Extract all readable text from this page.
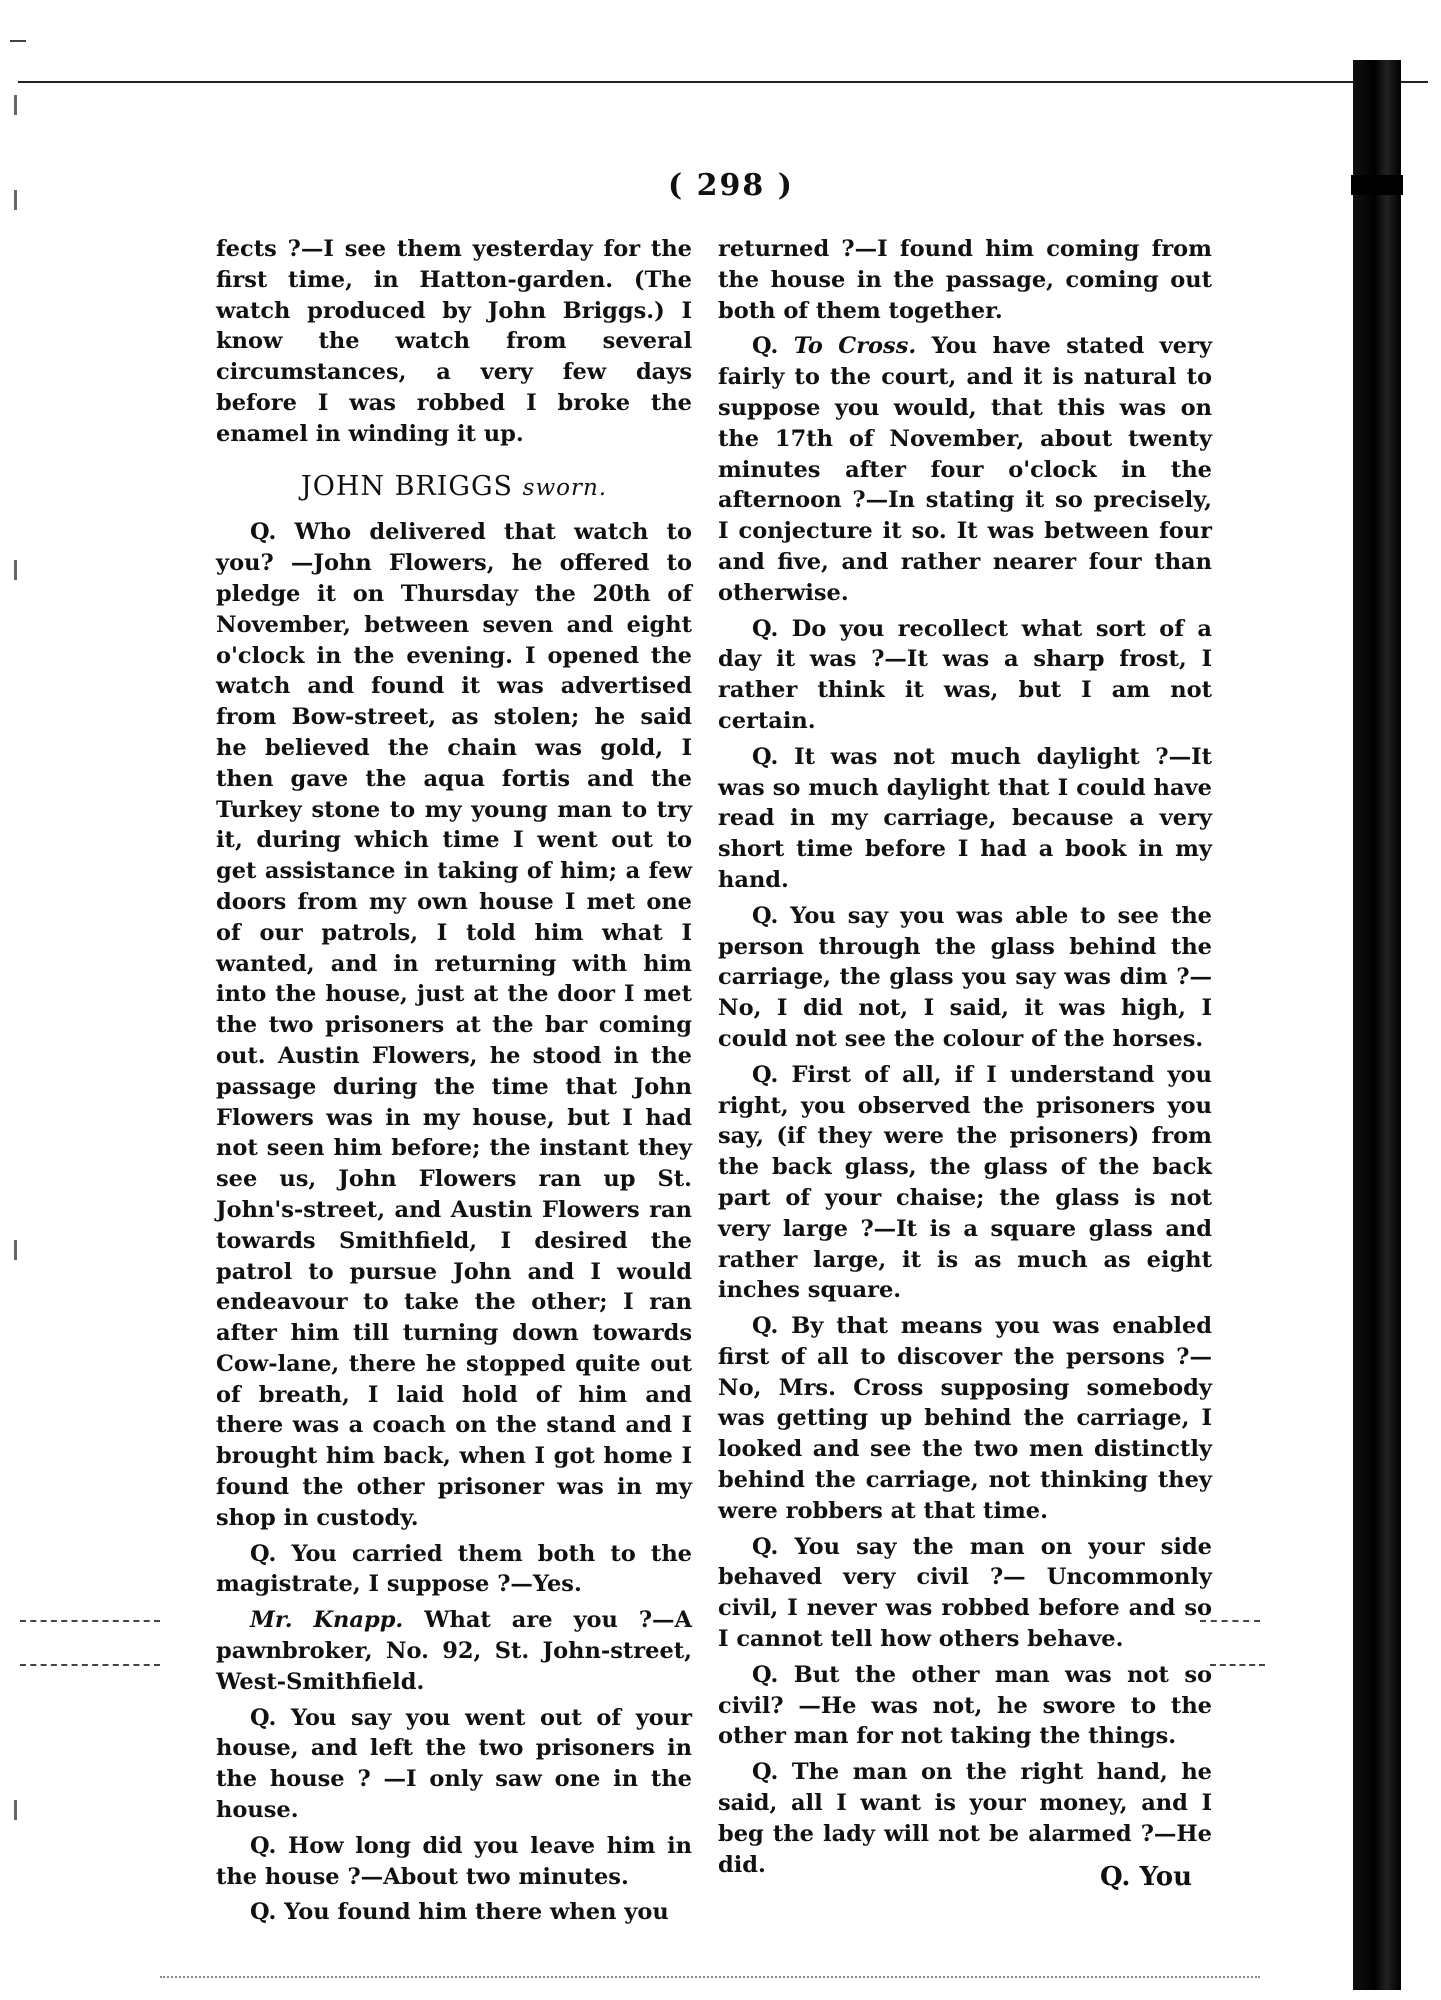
( 298 )

fects ?—I see them yesterday for the first time, in Hatton-garden. (The watch produced by John Briggs.) I know the watch from several circumstances, a very few days before I was robbed I broke the enamel in winding it up.

JOHN BRIGGS sworn.

Q. Who delivered that watch to you? —John Flowers, he offered to pledge it on Thursday the 20th of November, between seven and eight o'clock in the evening. I opened the watch and found it was advertised from Bow-street, as stolen; he said he believed the chain was gold, I then gave the aqua fortis and the Turkey stone to my young man to try it, during which time I went out to get assistance in taking of him; a few doors from my own house I met one of our patrols, I told him what I wanted, and in returning with him into the house, just at the door I met the two prisoners at the bar coming out. Austin Flowers, he stood in the passage during the time that John Flowers was in my house, but I had not seen him before; the instant they see us, John Flowers ran up St. John's-street, and Austin Flowers ran towards Smithfield, I desired the patrol to pursue John and I would endeavour to take the other; I ran after him till turning down towards Cow-lane, there he stopped quite out of breath, I laid hold of him and there was a coach on the stand and I brought him back, when I got home I found the other prisoner was in my shop in custody.

Q. You carried them both to the magistrate, I suppose ?—Yes.

Mr. Knapp. What are you ?—A pawnbroker, No. 92, St. John-street, West-Smithfield.

Q. You say you went out of your house, and left the two prisoners in the house ? —I only saw one in the house.

Q. How long did you leave him in the house ?—About two minutes.

Q. You found him there when you

returned ?—I found him coming from the house in the passage, coming out both of them together.

Q. To Cross. You have stated very fairly to the court, and it is natural to suppose you would, that this was on the 17th of November, about twenty minutes after four o'clock in the afternoon ?—In stating it so precisely, I conjecture it so. It was between four and five, and rather nearer four than otherwise.

Q. Do you recollect what sort of a day it was ?—It was a sharp frost, I rather think it was, but I am not certain.

Q. It was not much daylight ?—It was so much daylight that I could have read in my carriage, because a very short time before I had a book in my hand.

Q. You say you was able to see the person through the glass behind the carriage, the glass you say was dim ?—No, I did not, I said, it was high, I could not see the colour of the horses.

Q. First of all, if I understand you right, you observed the prisoners you say, (if they were the prisoners) from the back glass, the glass of the back part of your chaise; the glass is not very large ?—It is a square glass and rather large, it is as much as eight inches square.

Q. By that means you was enabled first of all to discover the persons ?—No, Mrs. Cross supposing somebody was getting up behind the carriage, I looked and see the two men distinctly behind the carriage, not thinking they were robbers at that time.

Q. You say the man on your side behaved very civil ?— Uncommonly civil, I never was robbed before and so I cannot tell how others behave.

Q. But the other man was not so civil? —He was not, he swore to the other man for not taking the things.

Q. The man on the right hand, he said, all I want is your money, and I beg the lady will not be alarmed ?—He did.	Q. You
